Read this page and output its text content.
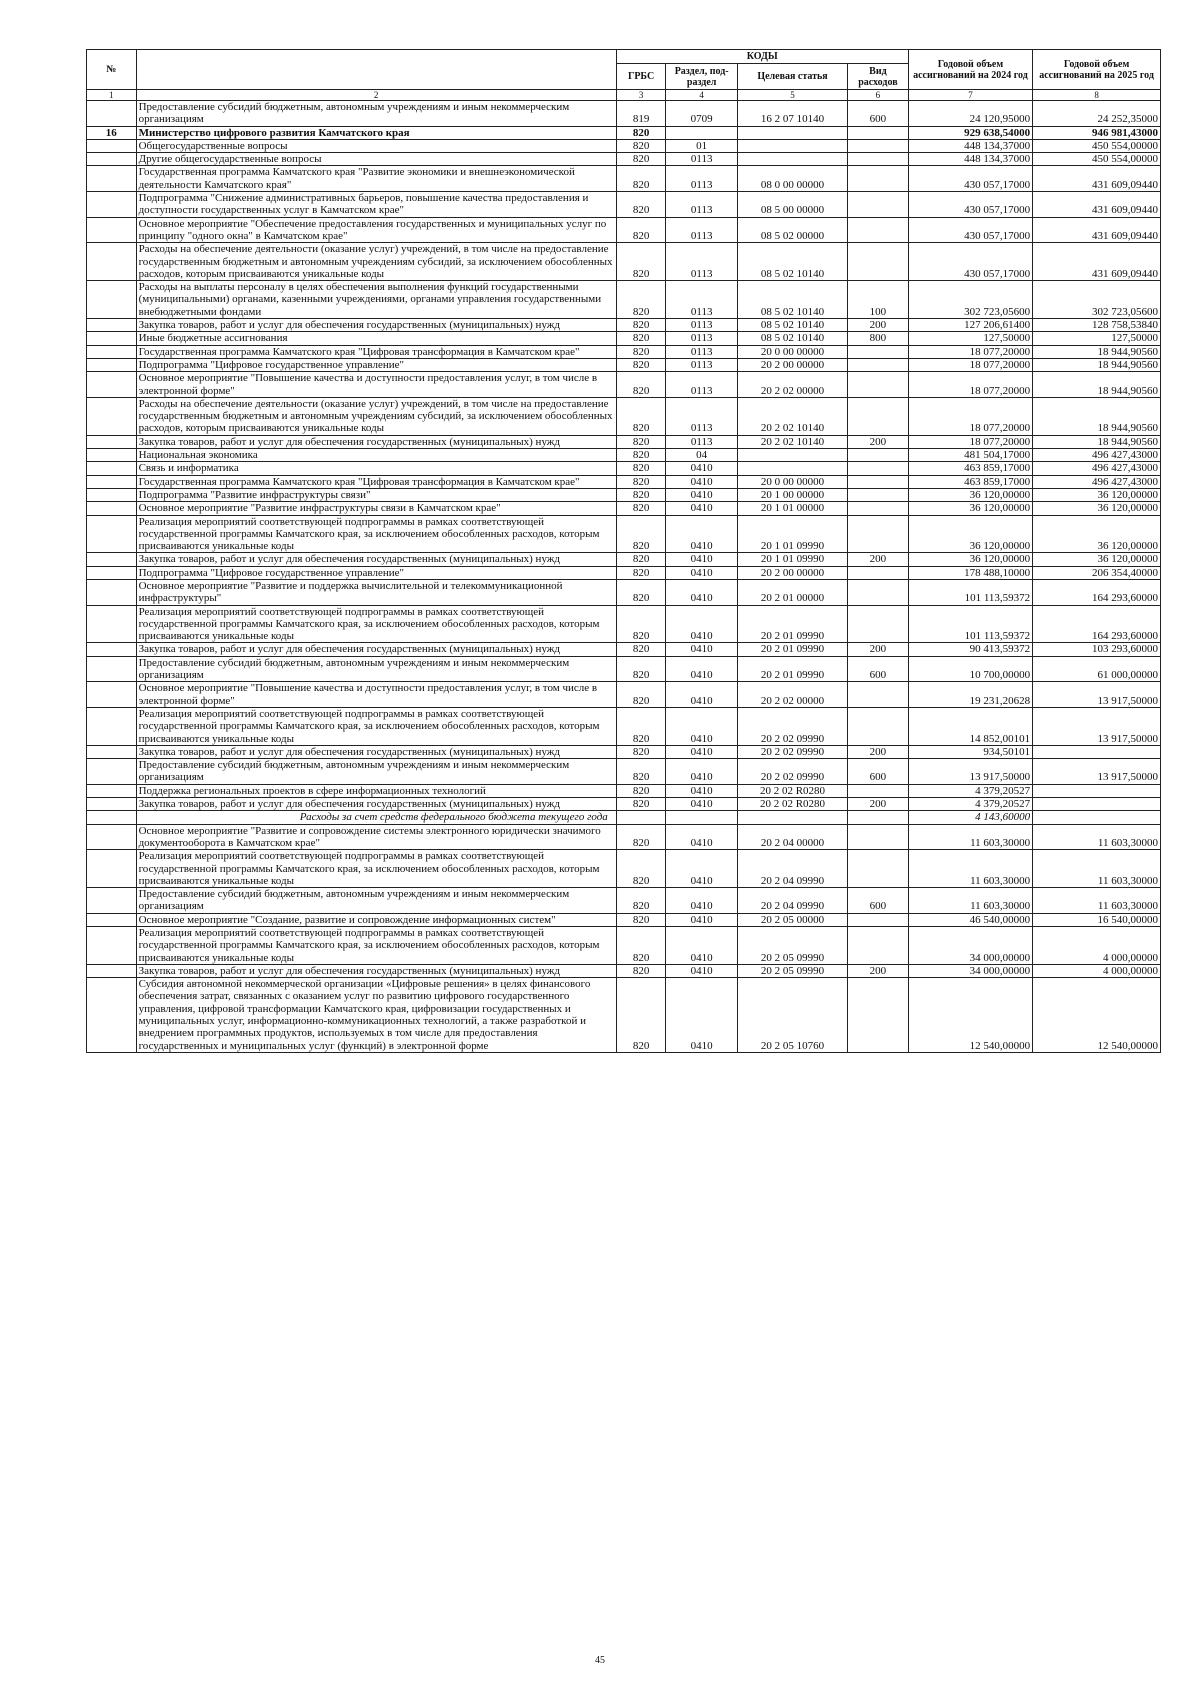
№		КОДЫ				Годовой объем ассигнований на 2024 год	Годовой объем ассигнований на 2025 год
		ГРБС	Раздел, под-раздел	Целевая статья	Вид расходов		
1	2	3	4	5	6	7	8
	Предоставление субсидий бюджетным, автономным учреждениям и иным некоммерческим организациям	819	0709	16 2 07 10140	600	24 120,95000	24 252,35000
16	Министерство цифрового развития Камчатского края	820				929 638,54000	946 981,43000
	Общегосударственные вопросы	820	01			448 134,37000	450 554,00000
	Другие общегосударственные вопросы	820	0113			448 134,37000	450 554,00000
	Государственная программа Камчатского края "Развитие экономики и внешнеэкономической деятельности Камчатского края"	820	0113	08 0 00 00000		430 057,17000	431 609,09440
	Подпрограмма "Снижение административных барьеров, повышение качества предоставления и доступности государственных услуг в Камчатском крае"	820	0113	08 5 00 00000		430 057,17000	431 609,09440
	Основное мероприятие "Обеспечение предоставления государственных и муниципальных услуг по принципу "одного окна" в Камчатском крае"	820	0113	08 5 02 00000		430 057,17000	431 609,09440
	Расходы на обеспечение деятельности (оказание услуг) учреждений, в том числе на предоставление государственным бюджетным и автономным учреждениям субсидий, за исключением обособленных расходов, которым присваиваются уникальные коды	820	0113	08 5 02 10140		430 057,17000	431 609,09440
	Расходы на выплаты персоналу в целях обеспечения выполнения функций государственными (муниципальными) органами, казенными учреждениями, органами управления государственными внебюджетными фондами	820	0113	08 5 02 10140	100	302 723,05600	302 723,05600
	Закупка товаров, работ и услуг для обеспечения государственных (муниципальных) нужд	820	0113	08 5 02 10140	200	127 206,61400	128 758,53840
	Иные бюджетные ассигнования	820	0113	08 5 02 10140	800	127,50000	127,50000
	Государственная программа Камчатского края "Цифровая трансформация в Камчатском крае"	820	0113	20 0 00 00000		18 077,20000	18 944,90560
	Подпрограмма "Цифровое государственное управление"	820	0113	20 2 00 00000		18 077,20000	18 944,90560
	Основное мероприятие "Повышение качества и доступности предоставления услуг, в том числе в электронной форме"	820	0113	20 2 02 00000		18 077,20000	18 944,90560
	Расходы на обеспечение деятельности (оказание услуг) учреждений, в том числе на предоставление государственным бюджетным и автономным учреждениям субсидий, за исключением обособленных расходов, которым присваиваются уникальные коды	820	0113	20 2 02 10140		18 077,20000	18 944,90560
	Закупка товаров, работ и услуг для обеспечения государственных (муниципальных) нужд	820	0113	20 2 02 10140	200	18 077,20000	18 944,90560
	Национальная экономика	820	04			481 504,17000	496 427,43000
	Связь и информатика	820	0410			463 859,17000	496 427,43000
	Государственная программа Камчатского края "Цифровая трансформация в Камчатском крае"	820	0410	20 0 00 00000		463 859,17000	496 427,43000
	Подпрограмма "Развитие инфраструктуры связи"	820	0410	20 1 00 00000		36 120,00000	36 120,00000
	Основное мероприятие "Развитие инфраструктуры связи в Камчатском крае"	820	0410	20 1 01 00000		36 120,00000	36 120,00000
	Реализация мероприятий соответствующей подпрограммы в рамках соответствующей государственной программы Камчатского края, за исключением обособленных расходов, которым присваиваются уникальные коды	820	0410	20 1 01 09990		36 120,00000	36 120,00000
	Закупка товаров, работ и услуг для обеспечения государственных (муниципальных) нужд	820	0410	20 1 01 09990	200	36 120,00000	36 120,00000
	Подпрограмма "Цифровое государственное управление"	820	0410	20 2 00 00000		178 488,10000	206 354,40000
	Основное мероприятие "Развитие и поддержка вычислительной и телекоммуникационной инфраструктуры"	820	0410	20 2 01 00000		101 113,59372	164 293,60000
	Реализация мероприятий соответствующей подпрограммы в рамках соответствующей государственной программы Камчатского края, за исключением обособленных расходов, которым присваиваются уникальные коды	820	0410	20 2 01 09990		101 113,59372	164 293,60000
	Закупка товаров, работ и услуг для обеспечения государственных (муниципальных) нужд	820	0410	20 2 01 09990	200	90 413,59372	103 293,60000
	Предоставление субсидий бюджетным, автономным учреждениям и иным некоммерческим организациям	820	0410	20 2 01 09990	600	10 700,00000	61 000,00000
	Основное мероприятие "Повышение качества и доступности предоставления услуг, в том числе в электронной форме"	820	0410	20 2 02 00000		19 231,20628	13 917,50000
	Реализация мероприятий соответствующей подпрограммы в рамках соответствующей государственной программы Камчатского края, за исключением обособленных расходов, которым присваиваются уникальные коды	820	0410	20 2 02 09990		14 852,00101	13 917,50000
	Закупка товаров, работ и услуг для обеспечения государственных (муниципальных) нужд	820	0410	20 2 02 09990	200	934,50101	
	Предоставление субсидий бюджетным, автономным учреждениям и иным некоммерческим организациям	820	0410	20 2 02 09990	600	13 917,50000	13 917,50000
	Поддержка региональных проектов в сфере информационных технологий	820	0410	20 2 02 R0280		4 379,20527	
	Закупка товаров, работ и услуг для обеспечения государственных (муниципальных) нужд	820	0410	20 2 02 R0280	200	4 379,20527	
	Расходы за счет средств федерального бюджета текущего года					4 143,60000	
	Основное мероприятие "Развитие и сопровождение системы электронного юридически значимого документооборота в Камчатском крае"	820	0410	20 2 04 00000		11 603,30000	11 603,30000
	Реализация мероприятий соответствующей подпрограммы в рамках соответствующей государственной программы Камчатского края, за исключением обособленных расходов, которым присваиваются уникальные коды	820	0410	20 2 04 09990		11 603,30000	11 603,30000
	Предоставление субсидий бюджетным, автономным учреждениям и иным некоммерческим организациям	820	0410	20 2 04 09990	600	11 603,30000	11 603,30000
	Основное мероприятие "Создание, развитие и сопровождение информационных систем"	820	0410	20 2 05 00000		46 540,00000	16 540,00000
	Реализация мероприятий соответствующей подпрограммы в рамках соответствующей государственной программы Камчатского края, за исключением обособленных расходов, которым присваиваются уникальные коды	820	0410	20 2 05 09990		34 000,00000	4 000,00000
	Закупка товаров, работ и услуг для обеспечения государственных (муниципальных) нужд	820	0410	20 2 05 09990	200	34 000,00000	4 000,00000
	Субсидия автономной некоммерческой организации «Цифровые решения» в целях финансового обеспечения затрат, связанных с оказанием услуг по развитию цифрового государственного управления, цифровой трансформации Камчатского края, цифровизации государственных и муниципальных услуг, информационно-коммуникационных технологий, а также разработкой и внедрением программных продуктов, используемых в том числе для предоставления государственных и муниципальных услуг (функций) в электронной форме	820	0410	20 2 05 10760		12 540,00000	12 540,00000
45
